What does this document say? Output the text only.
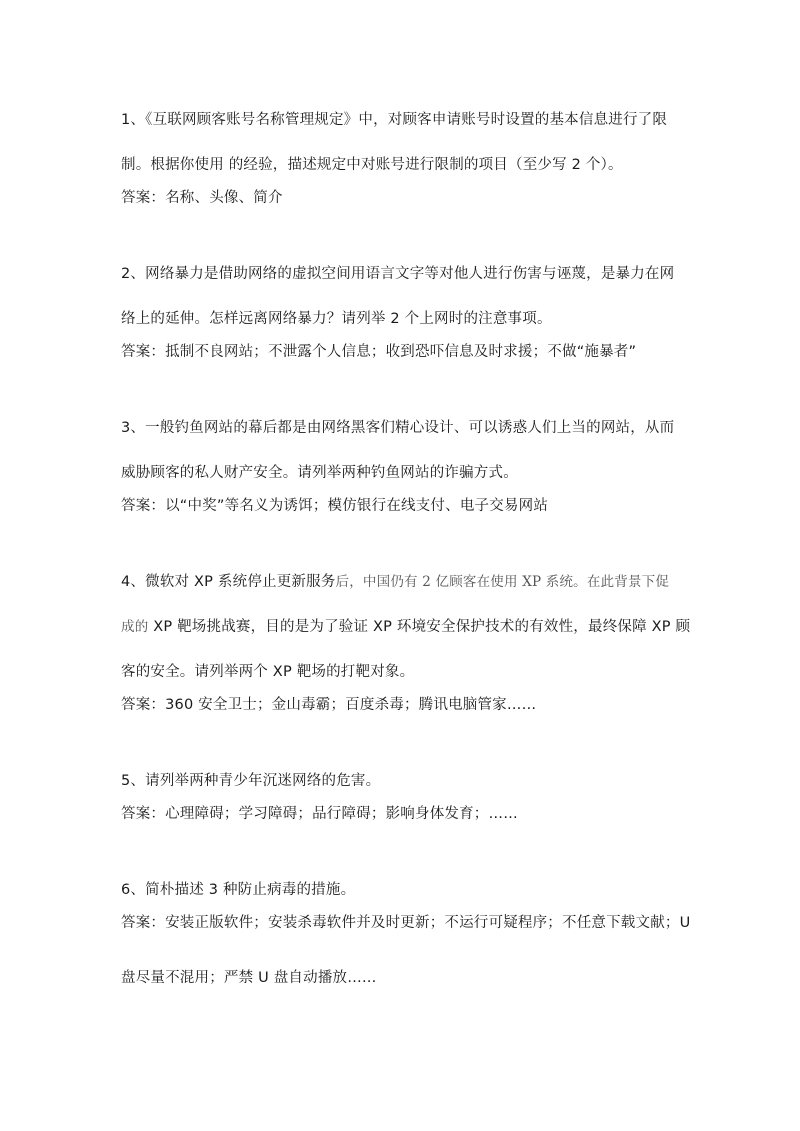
1、《互联网顾客账号名称管理规定》中，对顾客申请账号时设置的基本信息进行了限
制。根据你使用 的经验，描述规定中对账号进行限制的项目（至少写 2 个）。
答案：名称、头像、简介
2、网络暴力是借助网络的虚拟空间用语言文字等对他人进行伤害与诬蔑，是暴力在网
络上的延伸。怎样远离网络暴力？请列举 2 个上网时的注意事项。
答案：抵制不良网站；不泄露个人信息；收到恐吓信息及时求援；不做“施暴者”
3、一般钓鱼网站的幕后都是由网络黑客们精心设计、可以诱惑人们上当的网站，从而
威胁顾客的私人财产安全。请列举两种钓鱼网站的诈骗方式。
答案：以“中奖”等名义为诱饵；模仿银行在线支付、电子交易网站
4、微软对 XP 系统停止更新服务后，中国仍有 2 亿顾客在使用 XP 系统。在此背景下促
成的 XP 靶场挑战赛，目的是为了验证 XP 环境安全保护技术的有效性，最终保障 XP 顾
客的安全。请列举两个 XP 靶场的打靶对象。
答案：360 安全卫士；金山毒霸；百度杀毒；腾讯电脑管家……
5、请列举两种青少年沉迷网络的危害。
答案：心理障碍；学习障碍；品行障碍；影响身体发育；……
6、简朴描述 3 种防止病毒的措施。
答案：安装正版软件；安装杀毒软件并及时更新；不运行可疑程序；不任意下载文献；U
盘尽量不混用；严禁 U 盘自动播放……
